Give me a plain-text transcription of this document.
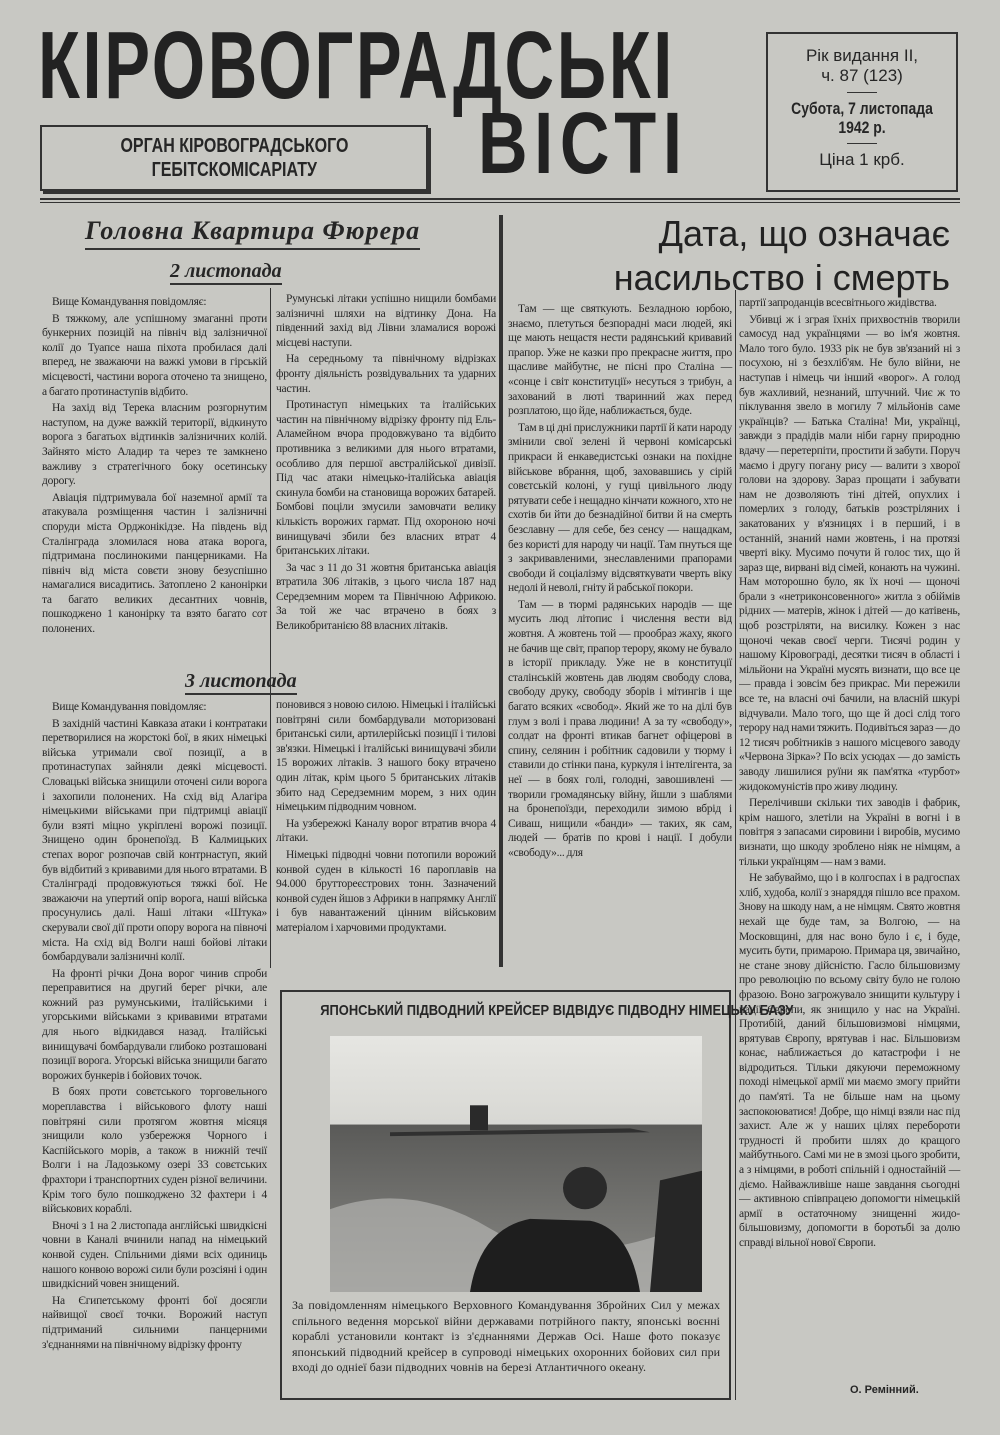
КІРОВОГРАДСЬКІ
ВІСТІ
ОРГАН КІРОВОГРАДСЬКОГО
ГЕБІТСКОМІСАРІАТУ
Рік видання II,
ч. 87 (123)
Субота, 7 листопада
1942 р.
Ціна 1 крб.
Головна Квартира Фюрера
2 листопада

Вище Командування повідомляє:

В тяжкому, але успішному змаганні проти бункерних позицій на північ від залізничної колії до Туапсе наша піхота пробилася далі вперед, не зважаючи на важкі умови в гірській місцевості, частини ворога оточено та знищено, а багато протинаступів відбито.

На захід від Терека власним розгорнутим наступом, на дуже важкій території, відкинуто ворога з багатьох відтинків залізничних колій. Зайнято місто Аладир та через те замкнено важливу з стратегічного боку осетинську дорогу.

Авіація підтримувала бої наземної армії та атакувала розміщення частин і залізничні споруди міста Орджонікідзе. На південь від Сталінграда зломилася нова атака ворога, підтримана послинокими панцерниками. На північ від міста совєти знову безуспішно намагалися висадитись. Затоплено 2 канонірки та багато великих десантних човнів, пошкоджено 1 канонірку та взято багато сот полонених.

Румунські літаки успішно нищили бомбами залізничні шляхи на відтинку Дона. На південний захід від Лівни зламалися ворожі місцеві наступи.

На середньому та північному відрізках фронту діяльність розвідувальних та ударних частин.

Протинаступ німецьких та італійських частин на північному відрізку фронту під Ель-Аламейном вчора продовжувано та відбито противника з великими для нього втратами, особливо для першої австралійської дивізії. Під час атаки німецько-італійська авіація скинула бомби на становища ворожих батарей. Бомбові поціли змусили замовчати велику кількість ворожих гармат. Під охороною ночі винищувачі збили без власних втрат 4 британських літаки.

За час з 11 до 31 жовтня британська авіація втратила 306 літаків, з цього числа 187 над Середземним морем та Північною Африкою. За той же час втрачено в боях з Великобританією 88 власних літаків.

3 листопада

Вище Командування повідомляє:

В західній частині Кавказа атаки і контратаки перетворилися на жорстокі бої, в яких німецькі війська утримали свої позиції, а в протинаступах зайняли деякі місцевості. Словацькі війська знищили оточені сили ворога і захопили полонених. На схід від Алагіра німецькими військами при підтримці авіації були взяті міцно укріплені ворожі позиції. Знищено один бронепоїзд. В Калмицьких степах ворог розпочав свій контрнаступ, який був відбитий з кривавими для нього втратами. В Сталінграді продовжуються тяжкі бої. Не зважаючи на упертий опір ворога, наші війська просунулись далі. Наші літаки «Штука» скерували свої дії проти опору ворога на півночі міста. На схід від Волги наші бойові літаки бомбардували залізничні колії.

На фронті річки Дона ворог чинив спроби переправитися на другий берег річки, але кожний раз румунськими, італійськими і угорськими військами з кривавими втратами для нього відкидався назад. Італійські винищувачі бомбардували глибоко розташовані позиції ворога. Угорські війська знищили багато ворожих бункерів і бойових точок.

В боях проти совєтського торговельного мореплавства і військового флоту наші повітряні сили протягом жовтня місяця знищили коло узбережжя Чорного і Каспійського морів, а також в нижній течії Волги і на Ладозькому озері 33 совєтських фрахтори і транспортних суден різної величини. Крім того було пошкоджено 32 фахтери і 4 військових кораблі.

Вночі з 1 на 2 листопада англійські швидкісні човни в Каналі вчинили напад на німецький конвой суден. Спільними діями всіх одиниць нашого конвою ворожі сили були розсіяні і один швидкісний човен знищений.

На Єгипетському фронті бої досягли найвищої своєї точки. Ворожий наступ підтриманий сильними панцерними з'єднаннями на північному відрізку фронту

поновився з новою силою. Німецькі і італійські повітряні сили бомбардували моторизовані британські сили, артилерійські позиції і тилові зв'язки. Німецькі і італійські винищувачі збили 15 ворожих літаків. З нашого боку втрачено один літак, крім цього 5 британських літаків збито над Середземним морем, з них один німецьким підводним човном.

На узбережжі Каналу ворог втратив вчора 4 літаки.

Німецькі підводні човни потопили ворожий конвой суден в кількості 16 пароплавів на 94.000 бруттореєстрових тонн. Зазначений конвой суден йшов з Африки в напрямку Англії і був навантажений цінним військовим матеріалом і харчовими продуктами.

Дата, що означає
насильство і смерть

Там — ще святкують. Безладною юрбою, знаємо, плетуться безпорадні маси людей, які ще мають нещастя нести радянський кривавий прапор. Уже не казки про прекрасне життя, про щасливе майбутнє, не пісні про Сталіна — «сонце і світ конституції» несуться з трибун, а захований в люті тваринний жах перед розплатою, що йде, наближається, буде.

Там в ці дні прислужники партії й кати народу змінили свої зелені й червоні комісарські прикраси й енкаведистські ознаки на похідне військове вбрання, щоб, заховавшись у сірій совєтській колоні, у гущі цивільного люду рятувати себе і нещадно кінчати кожного, хто не схотів би йти до безнадійної битви й на смерть безславну — для себе, без сенсу — нащадкам, без користі для народу чи нації. Там пнуться ще з закривавленими, знеславленими прапорами свободи й соціалізму відсвяткувати чверть віку недолі й неволі, гніту й рабської покори.

Там — в тюрмі радянських народів — ще мусить люд літопис і числення вести від жовтня. А жовтень той — прообраз жаху, якого не бачив ще світ, прапор терору, якому не бувало в історії прикладу. Уже не в конституції сталінській жовтень дав людям свободу слова, свободу друку, свободу зборів і мітингів і ще багато всяких «свобод». Який же то на ділі був глум з волі і права людини! А за ту «свободу», солдат на фронті втикав багнет офіцерові в спину, селянин і робітник садовили у тюрму і ставили до стінки пана, куркуля і інтелігента, за неї — в боях голі, голодні, завошивлені — творили громадянську війну, йшли з шаблями на бронепоїзди, переходили зимою вбрід і Сиваш, нищили «банди» — таких, як сам, людей — братів по крові і нації. І добули «свободу»... для

партії запроданців всесвітнього жидівства.

Убивці ж і зграя їхніх прихвостнів творили самосуд над українцями — во ім'я жовтня. Мало того було. 1933 рік не був зв'язаний ні з посухою, ні з безхліб'ям. Не було війни, не наступав і німець чи інший «ворог». А голод був жахливий, незнаний, штучний. Чиє ж то піклування звело в могилу 7 мільйонів саме українців? — Батька Сталіна! Ми, українці, завжди з прадідів мали ніби гарну природню вдачу — перетерпіти, простити й забути. Поруч маємо і другу погану рису — валити з хворої голови на здорову. Зараз прощати і забувати нам не дозволяють тіні дітей, опухлих і померлих з голоду, батьків розстріляних і закатованих у в'язницях і в перший, і в останній, знаний нами жовтень, і на протязі чверті віку. Мусимо почути й голос тих, що й зараз ще, вирвані від сімей, конають на чужині. Нам моторошно було, як їх ночі — щоночі брали з «нетриконсовенного» житла з обіймів рідних — матерів, жінок і дітей — до катівень, щоб розстріляти, на висилку. Кожен з нас щоночі чекав своєї черги. Тисячі родин у нашому Кіровограді, десятки тисяч в області і мільйони на Україні мусять визнати, що все це — правда і зовсім без прикрас. Ми пережили все те, на власні очі бачили, на власній шкурі відчували. Мало того, що ще й досі слід того терору над нами тяжить. Подивіться зараз — до 12 тисяч робітників з нашого місцевого заводу «Червона Зірка»? По всіх усюдах — до замість заводу лишилися руїни як пам'ятка «турбот» жидокомуністів про живу людину.

Перелічивши скільки тих заводів і фабрик, крім нашого, злетіли на Україні в вогні і в повітря з запасами сировини і виробів, мусимо визнати, що шкоду зроблено ніяк не німцям, а тільки українцям — нам з вами.

Не забуваймо, що і в колгоспах і в радгоспах хліб, худоба, колії з знаряддя пішло все прахом. Знову на шкоду нам, а не німцям. Свято жовтня нехай ще буде там, за Волгою, — на Московщині, для нас воно було і є, і буде, мусить бути, примарою. Примара ця, звичайно, не стане знову дійсністю. Гасло більшовизму про революцію по всьому світу було не голою фразою. Воно загрожувало знищити культуру і нації Європи, як знищило у нас на Україні. Протибій, даний більшовизмові німцями, врятував Європу, врятував і нас. Більшовизм конає, наближається до катастрофи і не відродиться. Тільки дякуючи переможному поході німецької армії ми маємо змогу прийти до пам'яті. Та не більше нам на цьому заспокоюватися! Добре, що німці взяли нас під захист. Але ж у наших цілях перебороти трудності й пробити шлях до кращого майбутнього. Самі ми не в змозі цього зробити, а з німцями, в роботі спільній і одностайній — діємо. Найважливіше наше завдання сьогодні — активною співпрацею допомогти німецькій армії в остаточному знищенні жидо-більшовизму, допомогти в боротьбі за долю справді вільної нової Європи.

О. Ремінний.
ЯПОНСЬКИЙ ПІДВОДНИЙ КРЕЙСЕР ВІДВІДУЄ ПІДВОДНУ НІМЕЦЬКУ БАЗУ
За повідомленням німецького Верховного Командування Збройних Сил у межах спільного ведення морської війни державами потрійного пакту, японські воєнні кораблі установили контакт із з'єднаннями Держав Осі. Наше фото показує японський підводний крейсер в супроводі німецьких охоронних бойових сил при вході до одніеї бази підводних човнів на березі Атлантичного океану.
